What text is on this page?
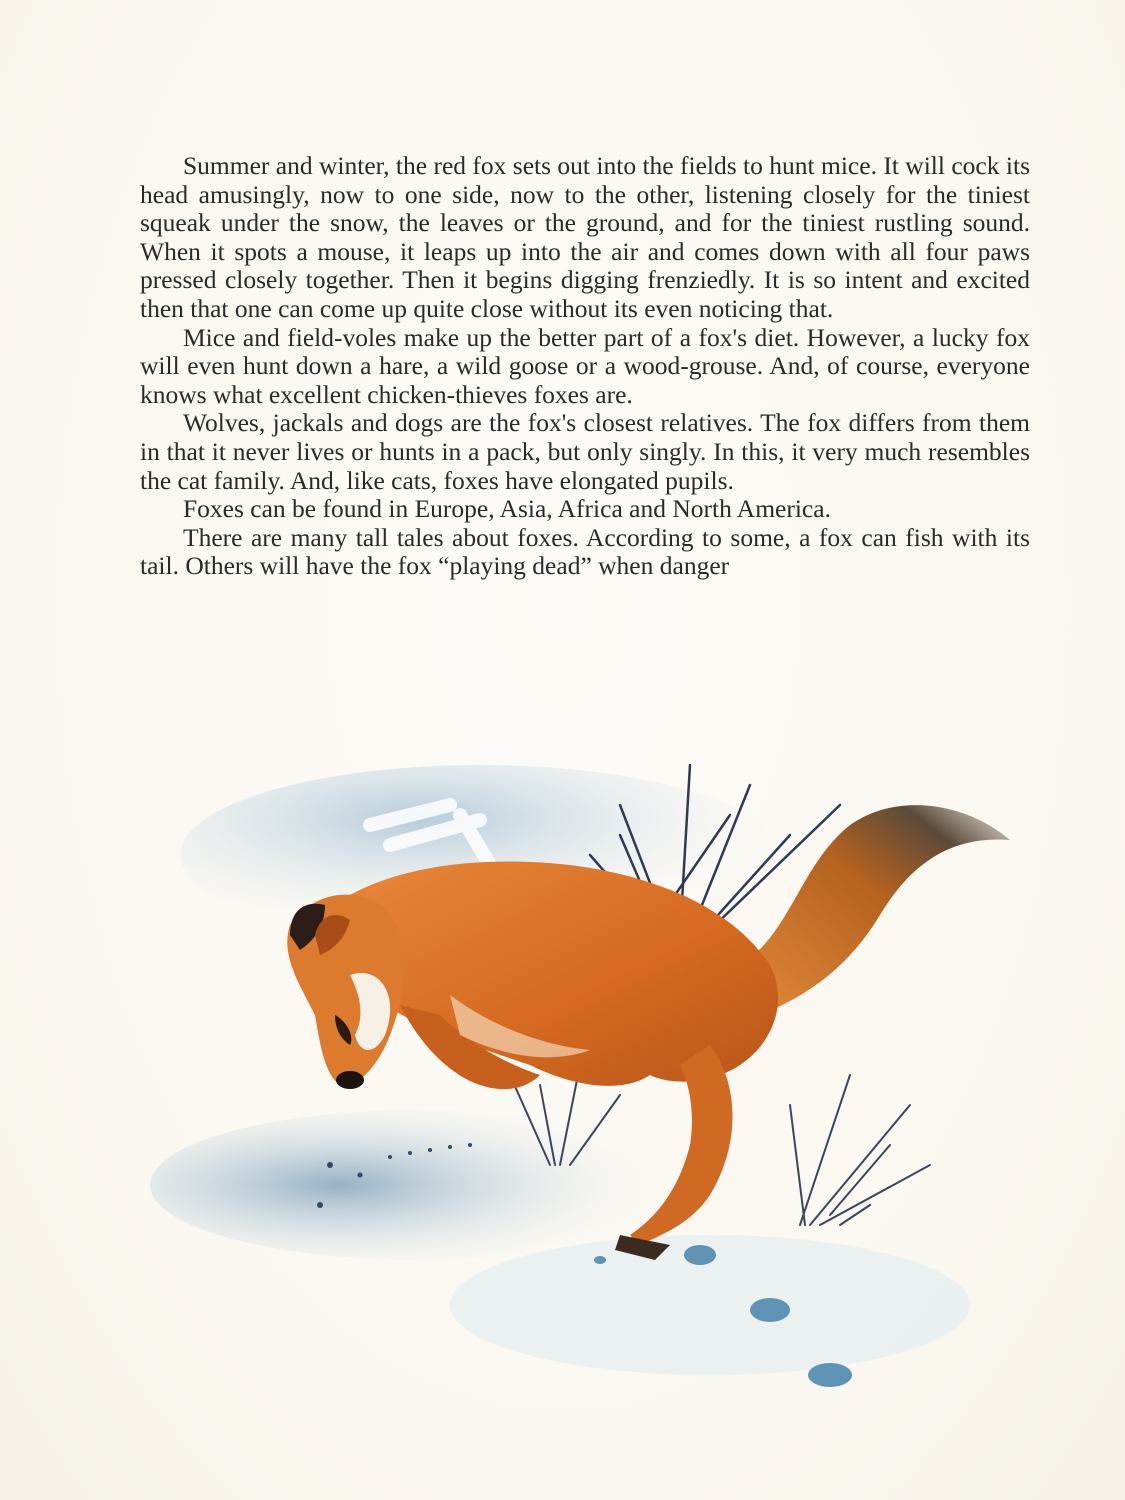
Summer and winter, the red fox sets out into the fields to hunt mice. It will cock its head amusingly, now to one side, now to the other, listening closely for the tiniest squeak under the snow, the leaves or the ground, and for the tiniest rustling sound. When it spots a mouse, it leaps up into the air and comes down with all four paws pressed closely together. Then it begins digging frenziedly. It is so intent and excited then that one can come up quite close without its even noticing that.

Mice and field-voles make up the better part of a fox's diet. However, a lucky fox will even hunt down a hare, a wild goose or a wood-grouse. And, of course, everyone knows what excellent chicken-thieves foxes are.

Wolves, jackals and dogs are the fox's closest relatives. The fox differs from them in that it never lives or hunts in a pack, but only singly. In this, it very much resembles the cat family. And, like cats, foxes have elongated pupils.

Foxes can be found in Europe, Asia, Africa and North America.

There are many tall tales about foxes. According to some, a fox can fish with its tail. Others will have the fox “playing dead” when danger
